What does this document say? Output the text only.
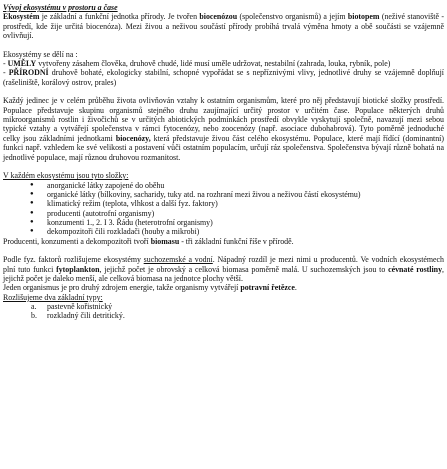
Vývoj ekosystému v prostoru a čase

Ekosystém je základní a funkční jednotka přírody. Je tvořen biocenózou (společenstvo organismů) a jejím biotopem (neživé stanoviště - prostředí, kde žije určitá biocenóza). Mezi živou a neživou součástí přírody probíhá trvalá výměna hmoty a obě součásti se vzájemně ovlivňují.

Ekosystémy se dělí na :

- UMĚLY vytvořeny zásahem člověka, druhově chudé, lidé musí uměle udržovat, nestabilní (zahrada, louka, rybník, pole)

- PŘÍRODNÍ druhově bohaté, ekologicky stabilní, schopné vypořádat se s nepříznivými vlivy, jednotlivé druhy se vzájemně doplňují (rašeliniště, korálový ostrov, prales)

Každý jedinec je v celém průběhu života ovlivňován vztahy k ostatním organismům, které pro něj představují biotické složky prostředí. Populace představuje skupinu organismů stejného druhu zaujímající určitý prostor v určitém čase. Populace některých druhů mikroorganismů rostlin i živočichů se v určitých abiotických podmínkách prostředí obvykle vyskytují společně, navazují mezi sebou typické vztahy a vytvářejí společenstva v rámci fytocenózy, nebo zoocenózy (např. asociace dubohabrová). Tyto poměrně jednoduché celky jsou základními jednotkami biocenózy, která představuje živou část celého ekosystému. Populace, které mají řídící (dominantní) funkci např. vzhledem ke své velikosti a postavení vůči ostatním populacím, určují ráz společenstva. Společenstva bývají různě bohatá na jednotlivé populace, mají různou druhovou rozmanitost.

V každém ekosystému jsou tyto složky:

● anorganické látky zapojené do oběhu
● organické látky (bílkoviny, sacharidy, tuky atd. na rozhraní mezi živou a neživou částí ekosystému)
● klimatický režim (teplota, vlhkost a další fyz. faktory)
● producenti (autotrofní organismy)
● konzumenti 1., 2. I 3. Řádu (heterotrofní organismy)
● dekompozitoři čili rozkladači (houby a mikrobi)

Producenti, konzumenti a dekompozitoři tvoří biomasu - tři základní funkční říše v přírodě.

Podle fyz. faktorů rozlišujeme ekosystémy suchozemské a vodní. Nápadný rozdíl je mezi nimi u producentů. Ve vodních ekosystémech plní tuto funkci fytoplankton, jejichž počet je obrovský a celková biomasa poměrně malá. U suchozemských jsou to cévnaté rostliny, jejichž počet je daleko menší, ale celková biomasa na jednotce plochy větší.

Jeden organismus je pro druhý zdrojem energie, takže organismy vytvářejí potravní řetězce.

Rozlišujeme dva základní typy:

a. pastevně kořistnický
b. rozkladný čili detritický.
